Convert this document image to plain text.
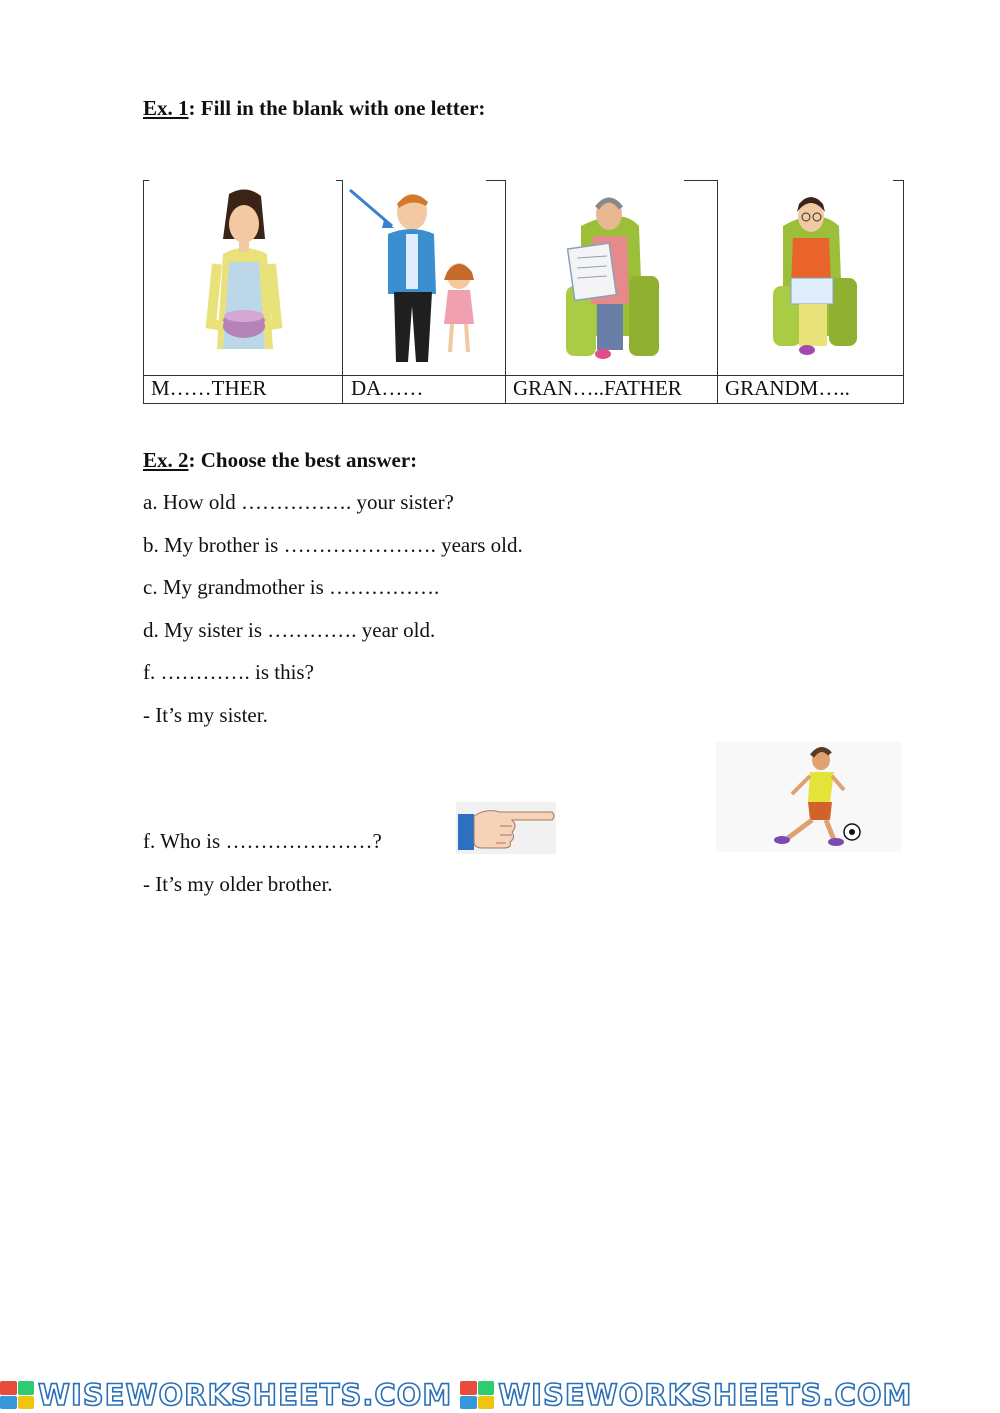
Ex. 1: Fill in the blank with one letter:
M……THER	DA……	GRAN…..FATHER GRANDM…..
Ex. 2: Choose the best answer:
a. How old ……………. your sister?
b. My brother is …………………. years old.
c. My grandmother is …………….
d. My sister is …………. year old.
f. …………. is this?
- It’s my sister.
f. Who is …………………?
- It’s my older brother.
WISEWORKSHEETS.COM WISEWORKSHEETS.COM
